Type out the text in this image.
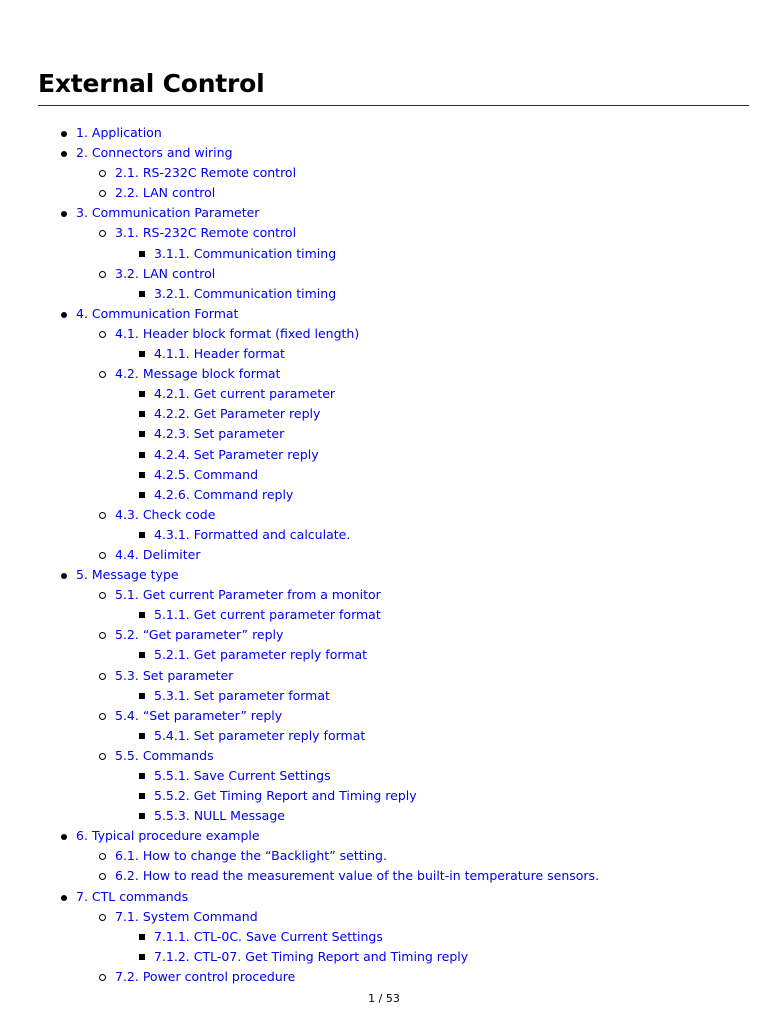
External Control
1. Application
2. Connectors and wiring
2.1. RS-232C Remote control
2.2. LAN control
3. Communication Parameter
3.1. RS-232C Remote control
3.1.1. Communication timing
3.2. LAN control
3.2.1. Communication timing
4. Communication Format
4.1. Header block format (fixed length)
4.1.1. Header format
4.2. Message block format
4.2.1. Get current parameter
4.2.2. Get Parameter reply
4.2.3. Set parameter
4.2.4. Set Parameter reply
4.2.5. Command
4.2.6. Command reply
4.3. Check code
4.3.1. Formatted and calculate.
4.4. Delimiter
5. Message type
5.1. Get current Parameter from a monitor
5.1.1. Get current parameter format
5.2. “Get parameter” reply
5.2.1. Get parameter reply format
5.3. Set parameter
5.3.1. Set parameter format
5.4. “Set parameter” reply
5.4.1. Set parameter reply format
5.5. Commands
5.5.1. Save Current Settings
5.5.2. Get Timing Report and Timing reply
5.5.3. NULL Message
6. Typical procedure example
6.1. How to change the “Backlight” setting.
6.2. How to read the measurement value of the built-in temperature sensors.
7. CTL commands
7.1. System Command
7.1.1. CTL-0C. Save Current Settings
7.1.2. CTL-07. Get Timing Report and Timing reply
7.2. Power control procedure
1 / 53
